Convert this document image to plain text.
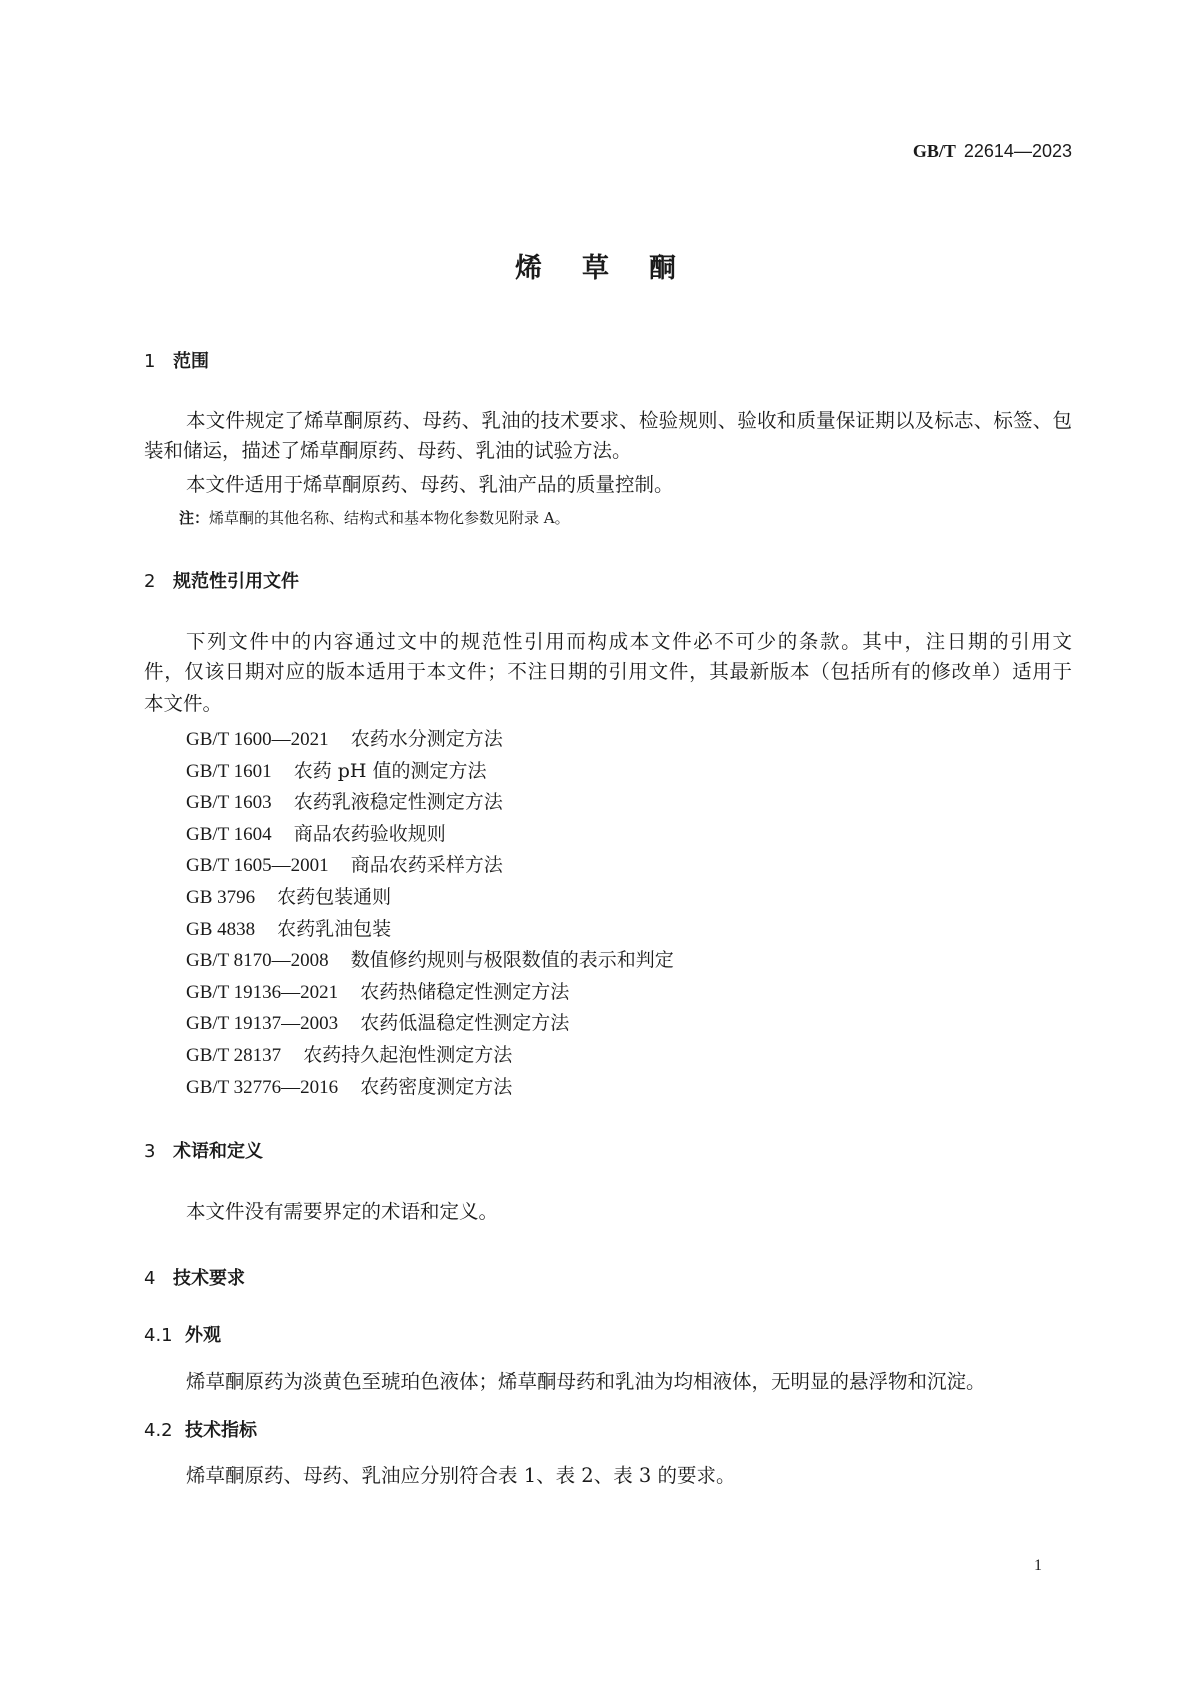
GB/T 22614—2023
烯草酮
1 范围
本文件规定了烯草酮原药、母药、乳油的技术要求、检验规则、验收和质量保证期以及标志、标签、包
装和储运，描述了烯草酮原药、母药、乳油的试验方法。
本文件适用于烯草酮原药、母药、乳油产品的质量控制。
注：烯草酮的其他名称、结构式和基本物化参数见附录 A。
2 规范性引用文件
下列文件中的内容通过文中的规范性引用而构成本文件必不可少的条款。其中，注日期的引用文
件，仅该日期对应的版本适用于本文件；不注日期的引用文件，其最新版本（包括所有的修改单）适用于
本文件。
GB/T 1600—2021 农药水分测定方法
GB/T 1601 农药 pH 值的测定方法
GB/T 1603 农药乳液稳定性测定方法
GB/T 1604 商品农药验收规则
GB/T 1605—2001 商品农药采样方法
GB 3796 农药包装通则
GB 4838 农药乳油包装
GB/T 8170—2008 数值修约规则与极限数值的表示和判定
GB/T 19136—2021 农药热储稳定性测定方法
GB/T 19137—2003 农药低温稳定性测定方法
GB/T 28137 农药持久起泡性测定方法
GB/T 32776—2016 农药密度测定方法
3 术语和定义
本文件没有需要界定的术语和定义。
4 技术要求
4.1 外观
烯草酮原药为淡黄色至琥珀色液体；烯草酮母药和乳油为均相液体，无明显的悬浮物和沉淀。
4.2 技术指标
烯草酮原药、母药、乳油应分别符合表 1、表 2、表 3 的要求。
1
